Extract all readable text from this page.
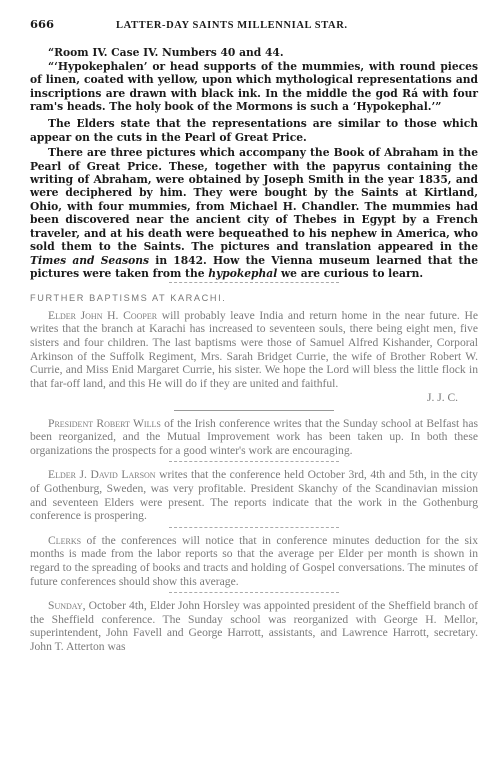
666	LATTER-DAY SAINTS MILLENNIAL STAR.

“Room IV. Case IV. Numbers 40 and 44.

“‘Hypokephalen’ or head supports of the mummies, with round pieces of linen, coated with yellow, upon which mythological representations and inscriptions are drawn with black ink. In the middle the god Rá with four ram's heads. The holy book of the Mormons is such a ‘Hypokephal.’”

The Elders state that the representations are similar to those which appear on the cuts in the Pearl of Great Price.

There are three pictures which accompany the Book of Abraham in the Pearl of Great Price. These, together with the papyrus containing the writing of Abraham, were obtained by Joseph Smith in the year 1835, and were deciphered by him. They were bought by the Saints at Kirtland, Ohio, with four mummies, from Michael H. Chandler. The mummies had been discovered near the ancient city of Thebes in Egypt by a French traveler, and at his death were bequeathed to his nephew in America, who sold them to the Saints. The pictures and translation appeared in the Times and Seasons in 1842. How the Vienna museum learned that the pictures were taken from the hypokephal we are curious to learn.

FURTHER BAPTISMS AT KARACHI.

Elder John H. Cooper will probably leave India and return home in the near future. He writes that the branch at Karachi has increased to seventeen souls, there being eight men, five sisters and four children. The last baptisms were those of Samuel Alfred Kishander, Corporal Arkinson of the Suffolk Regiment, Mrs. Sarah Bridget Currie, the wife of Brother Robert W. Currie, and Miss Enid Margaret Currie, his sister. We hope the Lord will bless the little flock in that far-off land, and this He will do if they are united and faithful.

J. J. C.

President Robert Wills of the Irish conference writes that the Sunday school at Belfast has been reorganized, and the Mutual Improvement work has been taken up. In both these organizations the prospects for a good winter's work are encouraging.

Elder J. David Larson writes that the conference held October 3rd, 4th and 5th, in the city of Gothenburg, Sweden, was very profitable. President Skanchy of the Scandinavian mission and seventeen Elders were present. The reports indicate that the work in the Gothenburg conference is prospering.

Clerks of the conferences will notice that in conference minutes deduction for the six months is made from the labor reports so that the average per Elder per month is shown in regard to the spreading of books and tracts and holding of Gospel conversations. The minutes of future conferences should show this average.

Sunday, October 4th, Elder John Horsley was appointed president of the Sheffield branch of the Sheffield conference. The Sunday school was reorganized with George H. Mellor, superintendent, John Favell and George Harrott, assistants, and Lawrence Harrott, secretary. John T. Atterton was
